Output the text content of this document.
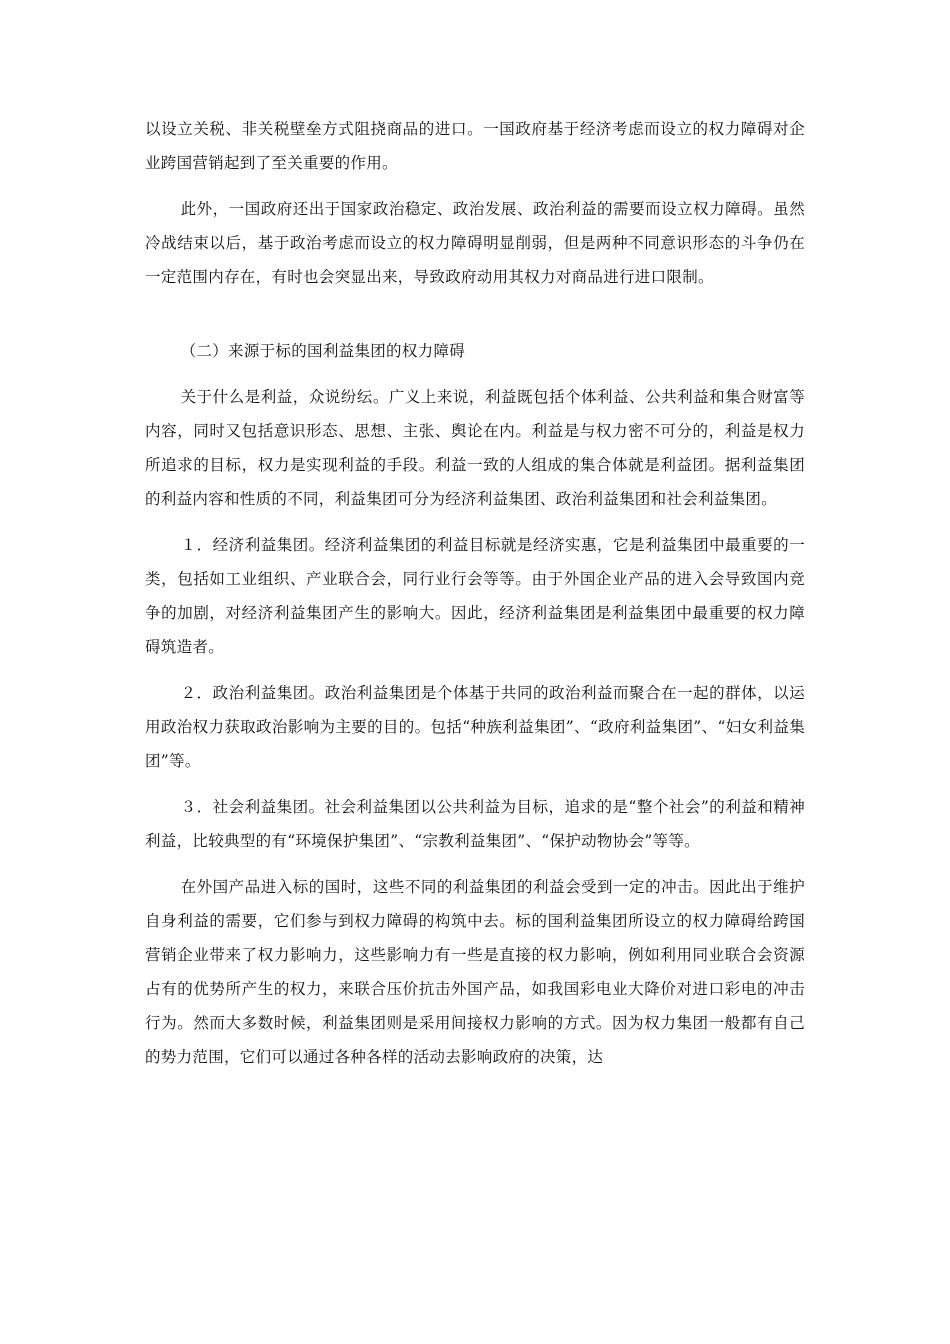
以设立关税、非关税壁垒方式阻挠商品的进口。一国政府基于经济考虑而设立的权力障碍对企业跨国营销起到了至关重要的作用。

此外，一国政府还出于国家政治稳定、政治发展、政治利益的需要而设立权力障碍。虽然冷战结束以后，基于政治考虑而设立的权力障碍明显削弱，但是两种不同意识形态的斗争仍在一定范围内存在，有时也会突显出来，导致政府动用其权力对商品进行进口限制。

（二）来源于标的国利益集团的权力障碍

关于什么是利益，众说纷纭。广义上来说，利益既包括个体利益、公共利益和集合财富等内容，同时又包括意识形态、思想、主张、舆论在内。利益是与权力密不可分的，利益是权力所追求的目标，权力是实现利益的手段。利益一致的人组成的集合体就是利益团。据利益集团的利益内容和性质的不同，利益集团可分为经济利益集团、政治利益集团和社会利益集团。

１．经济利益集团。经济利益集团的利益目标就是经济实惠，它是利益集团中最重要的一类，包括如工业组织、产业联合会，同行业行会等等。由于外国企业产品的进入会导致国内竞争的加剧，对经济利益集团产生的影响大。因此，经济利益集团是利益集团中最重要的权力障碍筑造者。

２．政治利益集团。政治利益集团是个体基于共同的政治利益而聚合在一起的群体，以运用政治权力获取政治影响为主要的目的。包括“种族利益集团”、“政府利益集团”、“妇女利益集团”等。

３．社会利益集团。社会利益集团以公共利益为目标，追求的是“整个社会”的利益和精神利益，比较典型的有“环境保护集团”、“宗教利益集团”、“保护动物协会”等等。

在外国产品进入标的国时，这些不同的利益集团的利益会受到一定的冲击。因此出于维护自身利益的需要，它们参与到权力障碍的构筑中去。标的国利益集团所设立的权力障碍给跨国营销企业带来了权力影响力，这些影响力有一些是直接的权力影响，例如利用同业联合会资源占有的优势所产生的权力，来联合压价抗击外国产品，如我国彩电业大降价对进口彩电的冲击行为。然而大多数时候，利益集团则是采用间接权力影响的方式。因为权力集团一般都有自己的势力范围，它们可以通过各种各样的活动去影响政府的决策，达
